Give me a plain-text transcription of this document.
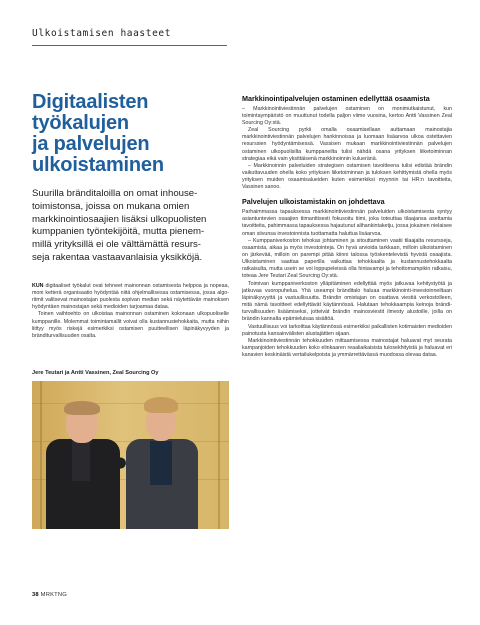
Ulkoistamisen haasteet
Digitaalisten
työkalujen
ja palvelujen
ulkoistaminen
Suurilla bränditaloilla on omat inhouse-
toimistonsa, joissa on mukana omien
markkinointiosaajien lisäksi ulkopuolisten
kumppanien työntekijöitä, mutta pienem-
millä yrityksillä ei ole välttämättä resurs-
seja rakentaa vastaavanlaisia yksikköjä.

KUN digitaaliset työkalut ovat tehneet mainonnan ostamisesta helppoa ja nopeaa, moni ketterä organisaatio hyödyntää niitä ohjelmallisessa ostamisessa, jossa algoritmit valitsevat mainostajan puolesta sopivan median sekä näytettävän mainoksen hyödyntäen mainostajan sekä medioiden tarjoamaa dataa.

Toinen vaihtoehto on ulkoistaa mainonnan ostaminen kokonaan ulkopuoliselle kumppanille. Molemmat toimintamallit voivat olla kustannustehokkaita, mutta niihin liittyy myös riskejä esimerkiksi ostamisen puutteellisen läpinäkyvyyden ja bränditurvallisuuden osalta.

Jere Teutari ja Antti Vassinen, Zeal Sourcing Oy
Markkinointipalvelujen ostaminen edellyttää osaamista

– Markkinointiviestinnän palvelujen ostaminen on monimutkaistunut, kun toimintaympäristö on muuttunut todella paljon viime vuosina, kertoo Antti Vassinen Zeal Sourcing Oy:stä.

Zeal Sourcing pyrkii omalla osaamisellaan auttamaan mainostajia markkinointiviestinnän palvelujen hankinnoissa ja luomaan lisäarvoa ulkoa ostettavien resurssien hyödyntämisessä. Vassisen mukaan markkinointiviestinnän palvelujen ostaminen ulkopuolisilta kumppaneilta tulisi nähdä osana yrityksen liiketoiminnan strategiaa eikä vain yksittäisenä markkinoinnin kulueränä.

– Markkinoinnin palveluiden strategisen ostamisen tavoitteena tulisi edistää brändin vaikuttavuuden ohella koko yrityksen liiketoiminnan ja tuloksen kehittymistä ohella myös yrityksen muiden osaamisalueiden kuten esimerkiksi myynnin tai HR:n tavoitteita, Vassinen sanoo.

Palvelujen ulkoistamistakin on johdettava

Parhaimmassa tapauksessa markkinointiviestinnän palveluiden ulkoistamisesta syntyy asiantuntevien osaajien tiimanttisesti fokusoitu tiimi, joka toteuttaa tilaajansa asettamia tavoitteita, pahimmassa tapauksessa hajautunut alihankintaketju, jossa jokainen nielaisee oman siivunsa investoinnista tuottamatta haluttua lisäarvoa.

– Kumppaniverkoston tehokas johtaminen ja sitouttaminen vaatii tilaajalta resursseja, osaamista, aikaa ja myös investointeja. On hyvä arvioida tarkkaan, milloin ulkoistaminen on järkevää, milloin on parempi pitää kiinni talossa työskentelevistä hyvistä osaajista. Ulkoistaminen saattaa paperilla vaikuttaa tehokkaalta ja kustannustehokkaalta ratkaisulta, mutta usein se voi loppupeleissä olla hintavampi ja tehottomampikin ratkaisu, toteaa Jere Teutari Zeal Sourcing Oy:stä.

Toimivan kumppaniverkoston ylläpitäminen edellyttää myös jatkuvaa kehitystyötä ja jatkuvaa vuoropuhelua. Yhä useampi bränditalo haluaa markkinointi-investoinneiltaan läpinäkyvyyttä ja vastuullisuutta. Brändin omistajan on osattava viestiä verkostolleen, mitä nämä tavoitteet edellyttävät käytännössä. Halutaan tehokkaampia keinoja bränditurvallisuuden lisäämiseksi, jotteivät brändin mainosviestit ilmesty alustoille, joilla on brändin kannalta epämieluisaa sisältöä.

Vastuullisuus voi tarkoittaa käytännössä esimerkiksi paikallisten kotimaisten medioiden painotusta kansainvälisten alustajättien sijaan.

Markkinointiviestinnän tehokkuuden mittaamisessa mainostajat haluavat myt seurata kampanjoiden tehokkuuden koko elinkaaren reaaliaikaisista tulosekhityistä ja haluavat eri kanavien keskinäistä vertailukelpoista ja ymmärrettävässä muodossa olevaa dataa.

38 MRKTNG
